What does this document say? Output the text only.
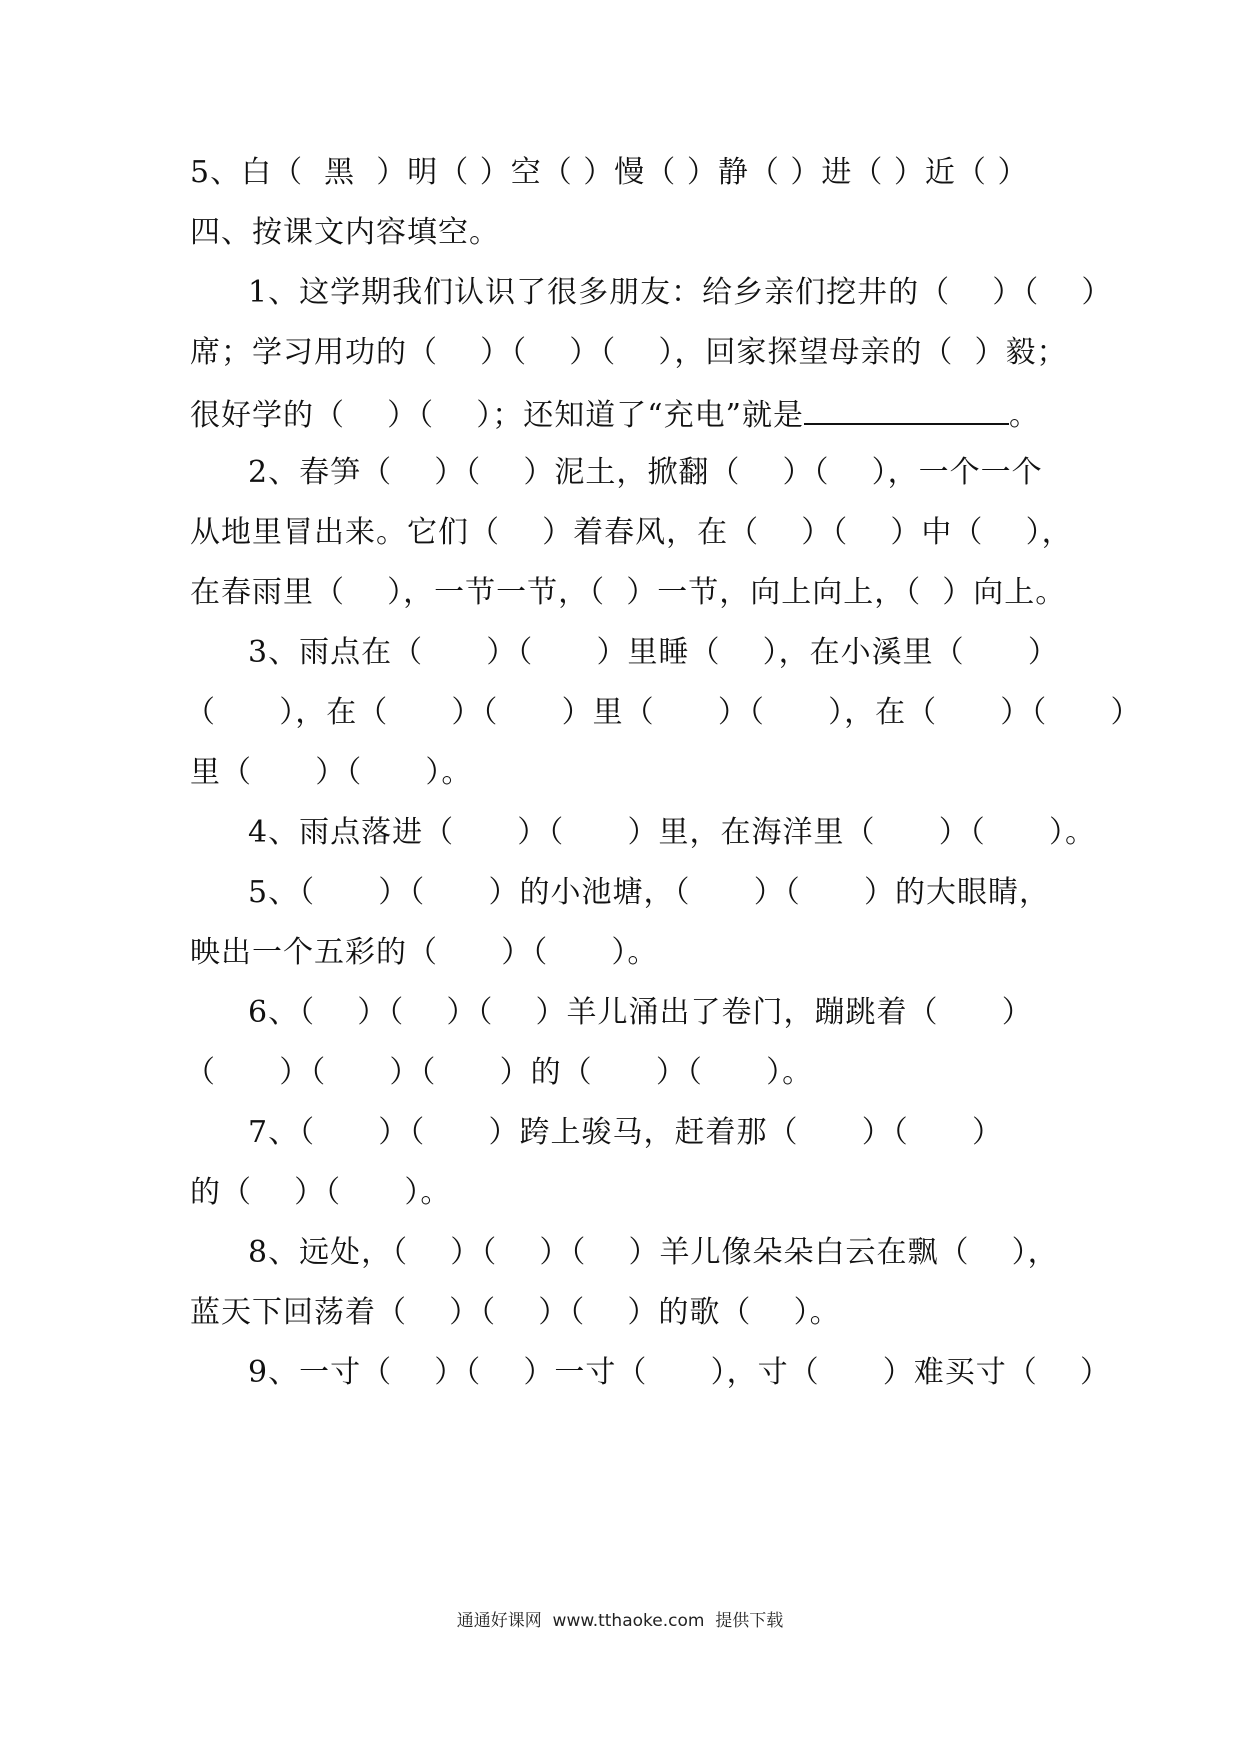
5、白（  黑  ）明（ ）空（ ）慢（ ）静（ ）进（ ）近（ ）
四、按课文内容填空。
1、这学期我们认识了很多朋友：给乡亲们挖井的（    ）（    ）
席；学习用功的（    ）（    ）（    ），回家探望母亲的（  ）毅；
很好学的（    ）（    ）；还知道了“充电”就是	。
2、春笋（    ）（    ）泥土，掀翻（    ）（    ），一个一个
从地里冒出来。它们（    ）着春风，在（    ）（    ）中（    ），
在春雨里（    ），一节一节，（  ）一节，向上向上，（  ）向上。
3、雨点在（      ）（      ）里睡（    ），在小溪里（      ）
（      ），在（      ）（      ）里（      ）（      ），在（      ）（      ）
里（      ）（      ）。
4、雨点落进（      ）（      ）里，在海洋里（      ）（      ）。
5、（      ）（      ）的小池塘，（      ）（      ）的大眼睛，
映出一个五彩的（      ）（      ）。
6、（    ）（    ）（    ）羊儿涌出了卷门，蹦跳着（      ）
（      ）（      ）（      ）的（      ）（      ）。
7、（      ）（      ）跨上骏马，赶着那（      ）（      ）
的（    ）（      ）。
8、远处，（    ）（    ）（    ）羊儿像朵朵白云在飘（    ），
蓝天下回荡着（    ）（    ）（    ）的歌（    ）。
9、一寸（    ）（    ）一寸（      ），寸（      ）难买寸（    ）
通通好课网  www.tthaoke.com  提供下载
